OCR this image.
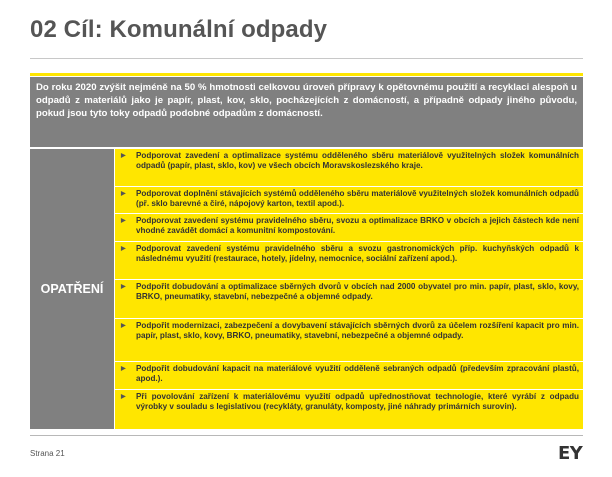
02 Cíl: Komunální odpady
Do roku 2020 zvýšit nejméně na 50 % hmotnosti celkovou úroveň přípravy k opětovnému použití a recyklaci alespoň u odpadů z materiálů jako je papír, plast, kov, sklo, pocházejících z domácností, a případně odpady jiného původu, pokud jsou tyto toky odpadů podobné odpadům z domácností.
OPATŘENÍ
▶ Podporovat zavedení a optimalizace systému odděleného sběru materiálově využitelných složek komunálních odpadů (papír, plast, sklo, kov) ve všech obcích Moravskoslezského kraje.
▶ Podporovat doplnění stávajících systémů odděleného sběru materiálově využitelných složek komunálních odpadů (př. sklo barevné a čiré, nápojový karton, textil apod.).
▶ Podporovat zavedení systému pravidelného sběru, svozu a optimalizace BRKO v obcích a jejich částech kde není vhodné zavádět domácí a komunitní kompostování.
▶ Podporovat zavedení systému pravidelného sběru a svozu gastronomických příp. kuchyňských odpadů k následnému využití (restaurace, hotely, jídelny, nemocnice, sociální zařízení apod.).
▶ Podpořit dobudování a optimalizace sběrných dvorů v obcích nad 2000 obyvatel pro min. papír, plast, sklo, kovy, BRKO, pneumatiky, stavební, nebezpečné a objemné odpady.
▶ Podpořit modernizaci, zabezpečení a dovybavení stávajících sběrných dvorů za účelem rozšíření kapacit pro min. papír, plast, sklo, kovy, BRKO, pneumatiky, stavební, nebezpečné a objemné odpady.
▶ Podpořit dobudování kapacit na materiálové využití odděleně sebraných odpadů (především zpracování plastů, apod.).
▶ Při povolování zařízení k materiálovému využití odpadů upřednostňovat technologie, které vyrábí z odpadu výrobky v souladu s legislativou (recykláty, granuláty, komposty, jiné náhrady primárních surovin).
Strana 21	EY
